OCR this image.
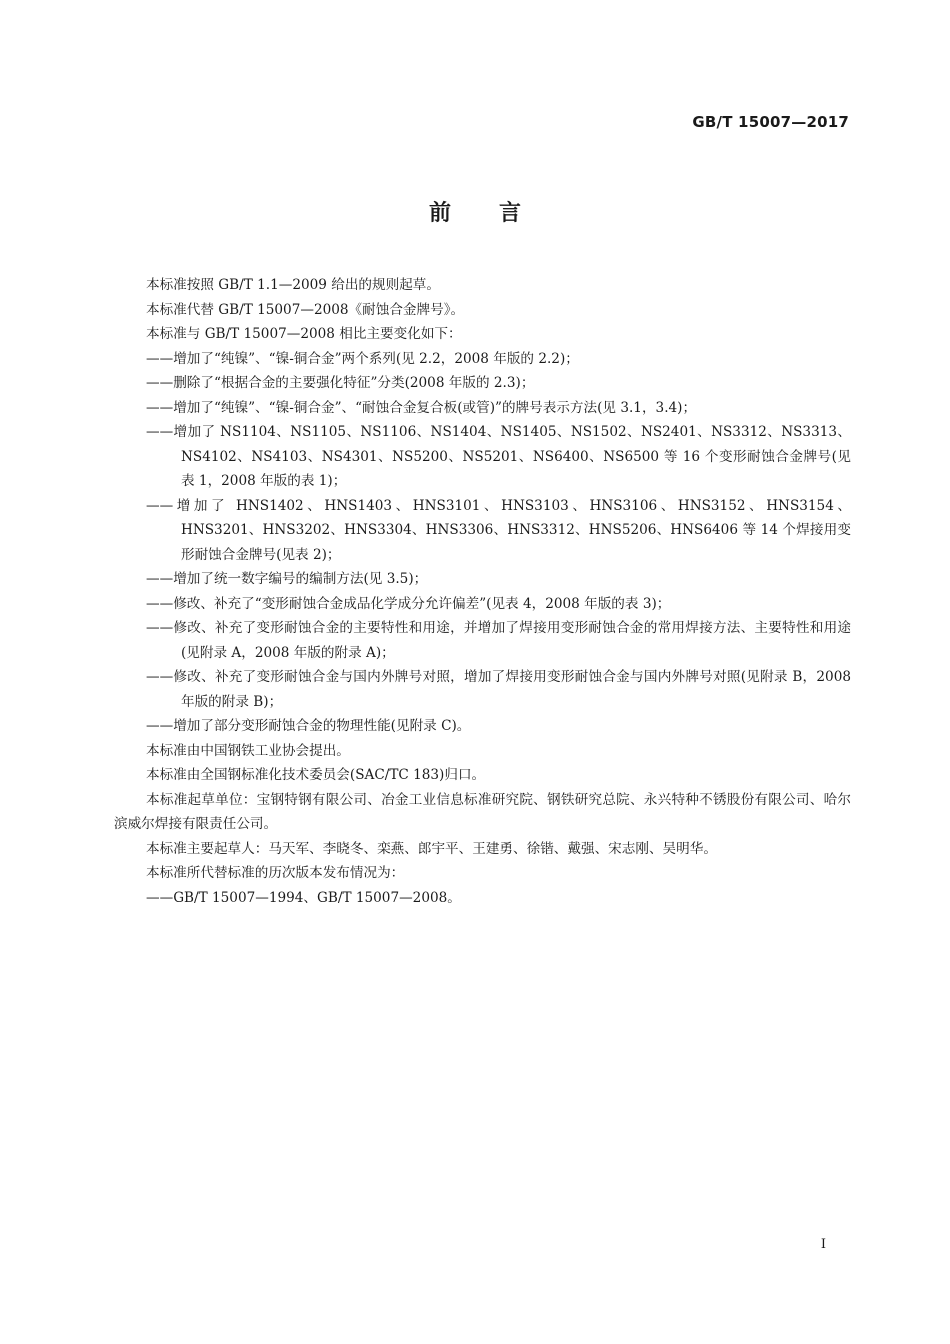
GB/T 15007—2017
前言

本标准按照 GB/T 1.1—2009 给出的规则起草。

本标准代替 GB/T 15007—2008《耐蚀合金牌号》。

本标准与 GB/T 15007—2008 相比主要变化如下：

——增加了“纯镍”、“镍-铜合金”两个系列(见 2.2，2008 年版的 2.2)；

——删除了“根据合金的主要强化特征”分类(2008 年版的 2.3)；

——增加了“纯镍”、“镍-铜合金”、“耐蚀合金复合板(或管)”的牌号表示方法(见 3.1，3.4)；

——增加了 NS1104、NS1105、NS1106、NS1404、NS1405、NS1502、NS2401、NS3312、NS3313、NS4102、NS4103、NS4301、NS5200、NS5201、NS6400、NS6500 等 16 个变形耐蚀合金牌号(见表 1，2008 年版的表 1)；

——增加了 HNS1402、HNS1403、HNS3101、HNS3103、HNS3106、HNS3152、HNS3154、HNS3201、HNS3202、HNS3304、HNS3306、HNS3312、HNS5206、HNS6406 等 14 个焊接用变形耐蚀合金牌号(见表 2)；

——增加了统一数字编号的编制方法(见 3.5)；

——修改、补充了“变形耐蚀合金成品化学成分允许偏差”(见表 4，2008 年版的表 3)；

——修改、补充了变形耐蚀合金的主要特性和用途，并增加了焊接用变形耐蚀合金的常用焊接方法、主要特性和用途(见附录 A，2008 年版的附录 A)；

——修改、补充了变形耐蚀合金与国内外牌号对照，增加了焊接用变形耐蚀合金与国内外牌号对照(见附录 B，2008 年版的附录 B)；

——增加了部分变形耐蚀合金的物理性能(见附录 C)。

本标准由中国钢铁工业协会提出。

本标准由全国钢标准化技术委员会(SAC/TC 183)归口。

本标准起草单位：宝钢特钢有限公司、冶金工业信息标准研究院、钢铁研究总院、永兴特种不锈股份有限公司、哈尔滨威尔焊接有限责任公司。

本标准主要起草人：马天军、李晓冬、栾燕、郎宇平、王建勇、徐锴、戴强、宋志刚、吴明华。

本标准所代替标准的历次版本发布情况为：

——GB/T 15007—1994、GB/T 15007—2008。

I
